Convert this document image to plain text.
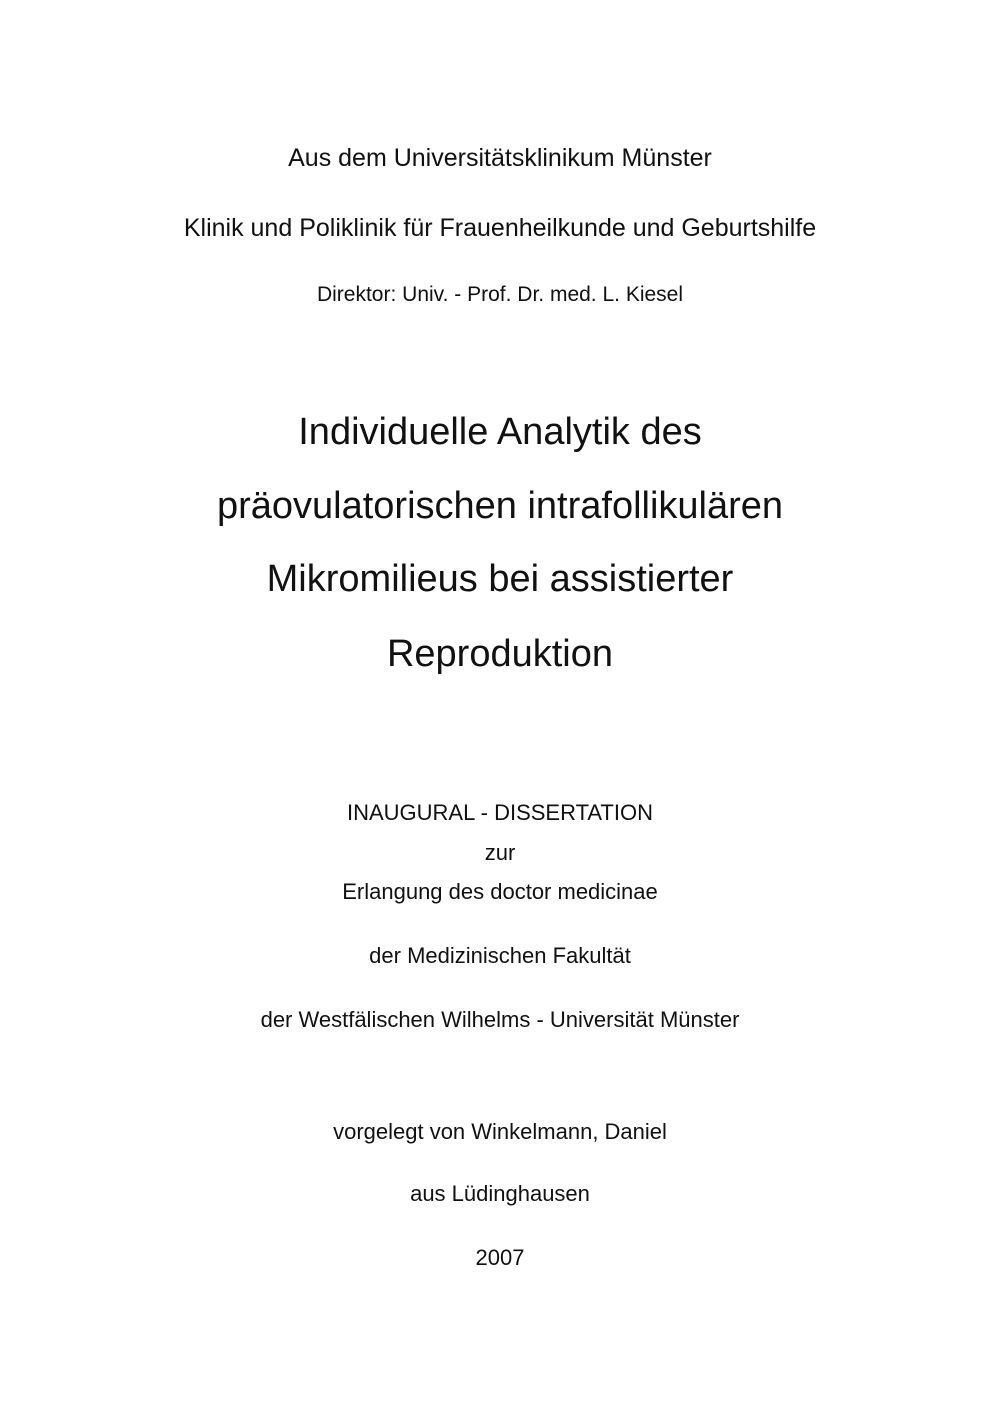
Aus dem Universitätsklinikum Münster
Klinik und Poliklinik für Frauenheilkunde und Geburtshilfe
Direktor: Univ. - Prof. Dr. med. L. Kiesel
Individuelle Analytik des
präovulatorischen intrafollikulären
Mikromilieus bei assistierter
Reproduktion
INAUGURAL - DISSERTATION
zur
Erlangung des doctor medicinae
der Medizinischen Fakultät
der Westfälischen Wilhelms - Universität Münster
vorgelegt von Winkelmann, Daniel
aus Lüdinghausen
2007
